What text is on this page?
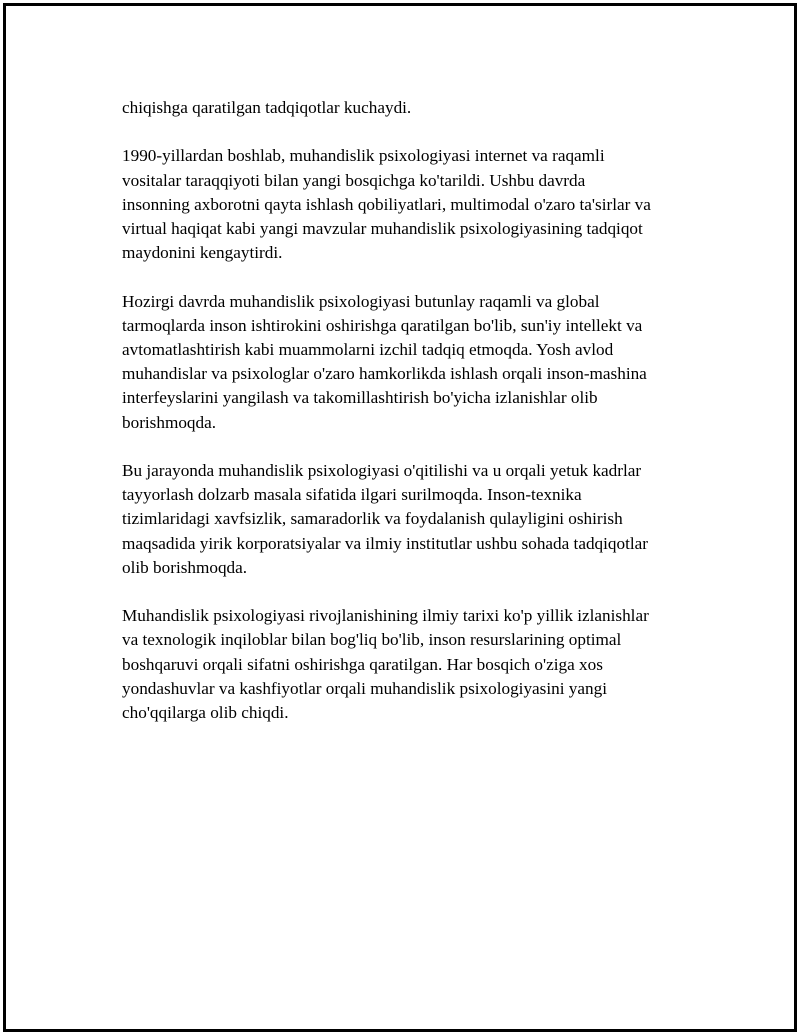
chiqishga qaratilgan tadqiqotlar kuchaydi.

1990-yillardan boshlab, muhandislik psixologiyasi internet va raqamli
vositalar taraqqiyoti bilan yangi bosqichga ko'tarildi. Ushbu davrda
insonning axborotni qayta ishlash qobiliyatlari, multimodal o'zaro ta'sirlar va
virtual haqiqat kabi yangi mavzular muhandislik psixologiyasining tadqiqot
maydonini kengaytirdi.

Hozirgi davrda muhandislik psixologiyasi butunlay raqamli va global
tarmoqlarda inson ishtirokini oshirishga qaratilgan bo'lib, sun'iy intellekt va
avtomatlashtirish kabi muammolarni izchil tadqiq etmoqda. Yosh avlod
muhandislar va psixologlar o'zaro hamkorlikda ishlash orqali inson-mashina
interfeyslarini yangilash va takomillashtirish bo'yicha izlanishlar olib
borishmoqda.

Bu jarayonda muhandislik psixologiyasi o'qitilishi va u orqali yetuk kadrlar
tayyorlash dolzarb masala sifatida ilgari surilmoqda. Inson-texnika
tizimlaridagi xavfsizlik, samaradorlik va foydalanish qulayligini oshirish
maqsadida yirik korporatsiyalar va ilmiy institutlar ushbu sohada tadqiqotlar
olib borishmoqda.

Muhandislik psixologiyasi rivojlanishining ilmiy tarixi ko'p yillik izlanishlar
va texnologik inqiloblar bilan bog'liq bo'lib, inson resurslarining optimal
boshqaruvi orqali sifatni oshirishga qaratilgan. Har bosqich o'ziga xos
yondashuvlar va kashfiyotlar orqali muhandislik psixologiyasini yangi
cho'qqilarga olib chiqdi.
